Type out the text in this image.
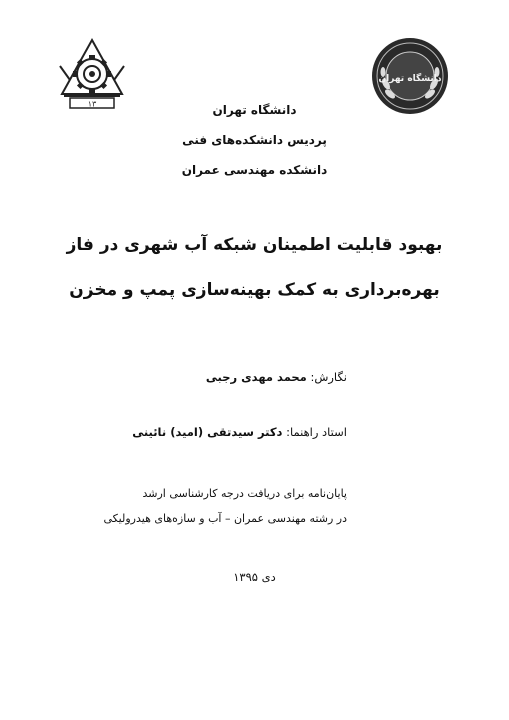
۱۳
دانشگاه تهران
دانشگاه تهران
پردیس دانشکده‌های فنی
دانشکده مهندسی عمران
بهبود قابلیت اطمینان شبکه آب شهری در فاز
بهره‌برداری به کمک بهینه‌سازی پمپ و مخزن
نگارش: محمد مهدی رجبی
استاد راهنما: دکتر سیدتقی (امید) نائینی
پایان‌نامه برای دریافت درجه کارشناسی ارشد
در رشته مهندسی عمران – آب و سازه‌های هیدرولیکی
دی ۱۳۹۵
